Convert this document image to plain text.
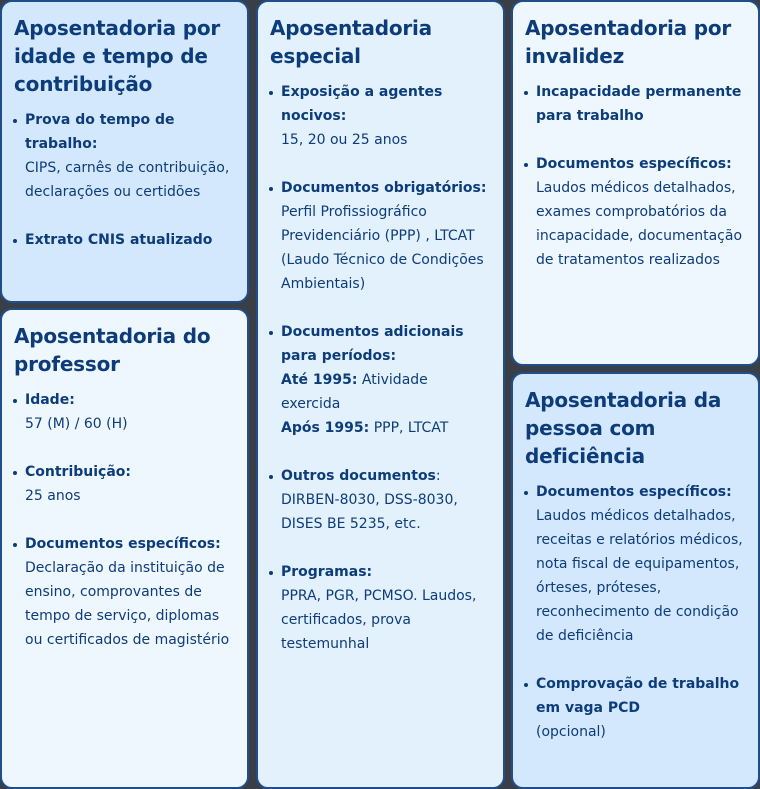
Aposentadoria por idade e tempo de contribuição
Prova do tempo de trabalho:
CIPS, carnês de contribuição, declarações ou certidões
Extrato CNIS atualizado
Aposentadoria do professor
Idade:
57 (M) / 60 (H)
Contribuição:
25 anos
Documentos específicos:
Declaração da instituição de ensino, comprovantes de tempo de serviço, diplomas ou certificados de magistério
Aposentadoria especial
Exposição a agentes nocivos:
15, 20 ou 25 anos
Documentos obrigatórios:
Perfil Profissiográfico Previdenciário (PPP) , LTCAT (Laudo Técnico de Condições Ambientais)
Documentos adicionais para períodos:
Até 1995: Atividade exercida
Após 1995: PPP, LTCAT
Outros documentos:
DIRBEN-8030, DSS-8030, DISES BE 5235, etc.
Programas:
PPRA, PGR, PCMSO. Laudos, certificados, prova testemunhal
Aposentadoria por invalidez
Incapacidade permanente para trabalho
Documentos específicos:
Laudos médicos detalhados, exames comprobatórios da incapacidade, documentação de tratamentos realizados
Aposentadoria da pessoa com deficiência
Documentos específicos:
Laudos médicos detalhados, receitas e relatórios médicos, nota fiscal de equipamentos, órteses, próteses, reconhecimento de condição de deficiência
Comprovação de trabalho em vaga PCD
(opcional)
